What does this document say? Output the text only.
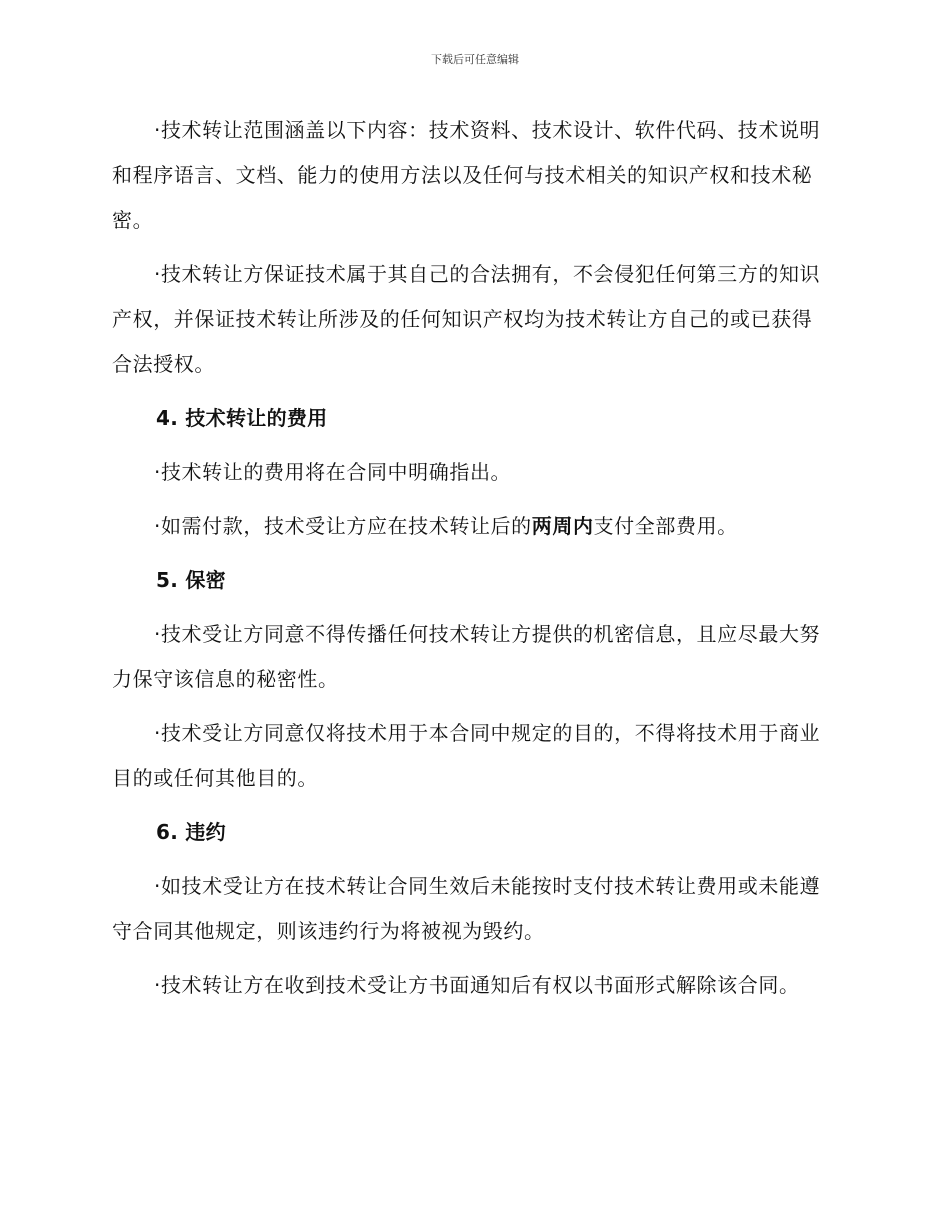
下载后可任意编辑

·技术转让范围涵盖以下内容：技术资料、技术设计、软件代码、技术说明和程序语言、文档、能力的使用方法以及任何与技术相关的知识产权和技术秘密。

·技术转让方保证技术属于其自己的合法拥有，不会侵犯任何第三方的知识产权，并保证技术转让所涉及的任何知识产权均为技术转让方自己的或已获得合法授权。

4. 技术转让的费用

·技术转让的费用将在合同中明确指出。

·如需付款，技术受让方应在技术转让后的两周内支付全部费用。

5. 保密

·技术受让方同意不得传播任何技术转让方提供的机密信息，且应尽最大努力保守该信息的秘密性。

·技术受让方同意仅将技术用于本合同中规定的目的，不得将技术用于商业目的或任何其他目的。

6. 违约

·如技术受让方在技术转让合同生效后未能按时支付技术转让费用或未能遵守合同其他规定，则该违约行为将被视为毁约。

·技术转让方在收到技术受让方书面通知后有权以书面形式解除该合同。
